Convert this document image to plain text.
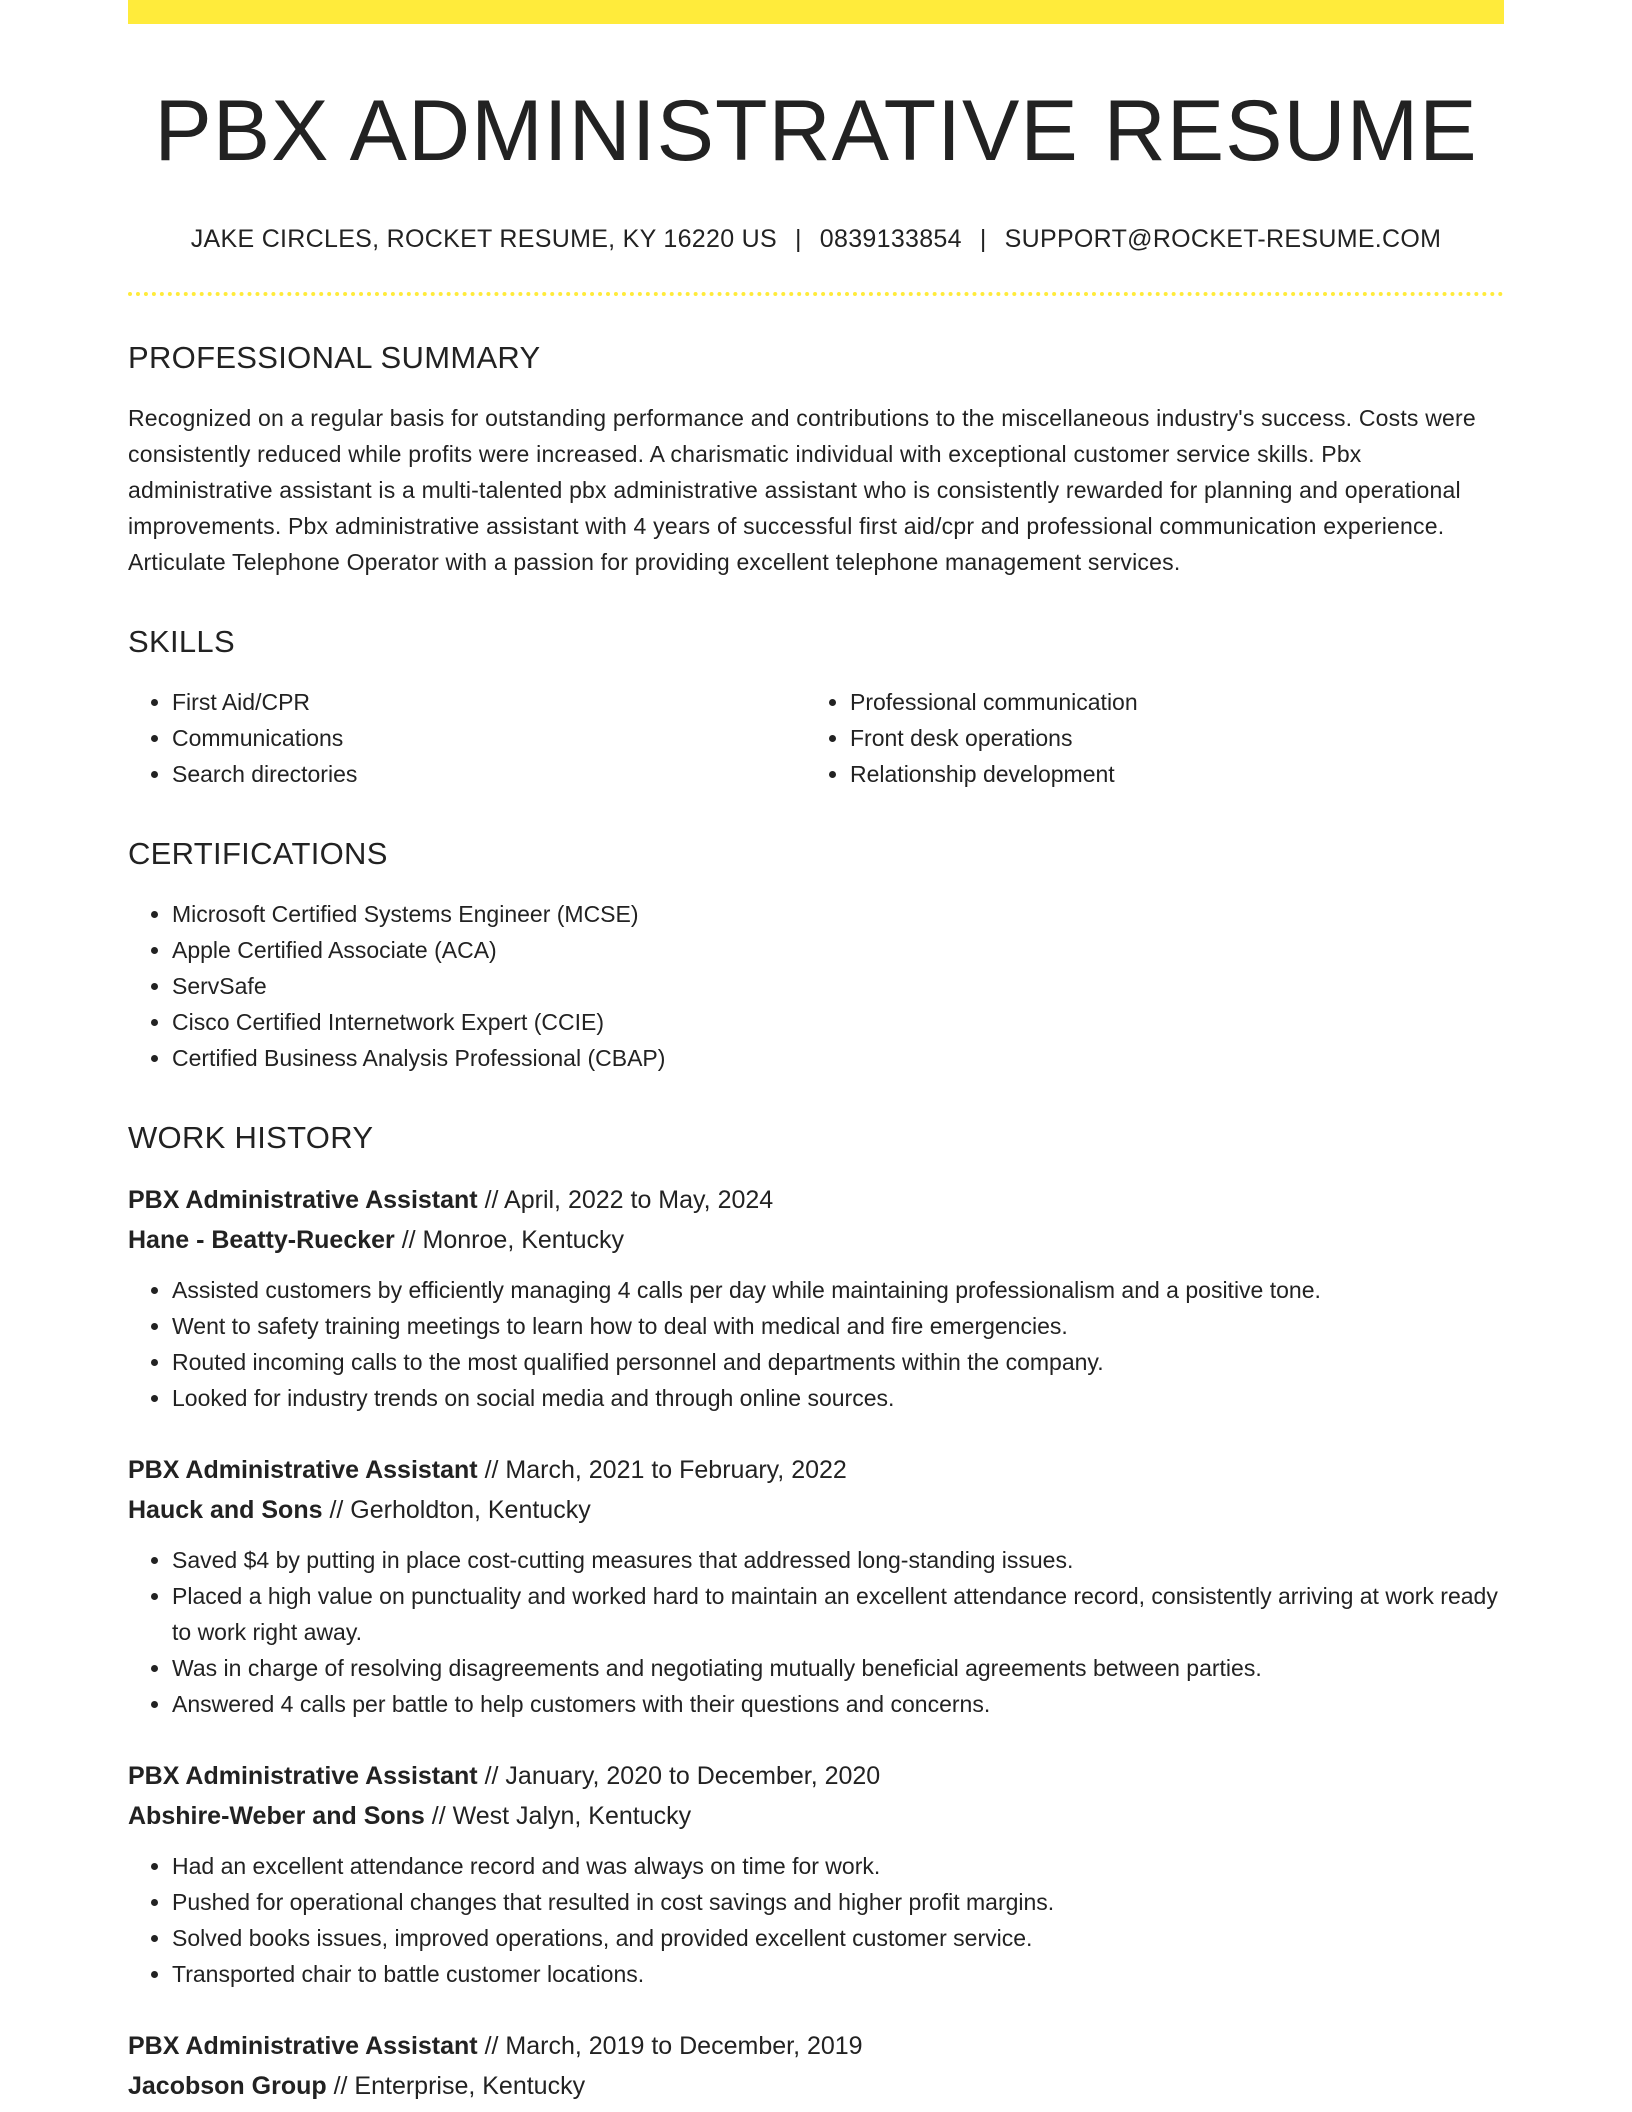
PBX ADMINISTRATIVE RESUME
JAKE CIRCLES, ROCKET RESUME, KY 16220 US | 0839133854 | SUPPORT@ROCKET-RESUME.COM
PROFESSIONAL SUMMARY

Recognized on a regular basis for outstanding performance and contributions to the miscellaneous industry's success. Costs were consistently reduced while profits were increased. A charismatic individual with exceptional customer service skills. Pbx administrative assistant is a multi-talented pbx administrative assistant who is consistently rewarded for planning and operational improvements. Pbx administrative assistant with 4 years of successful first aid/cpr and professional communication experience. Articulate Telephone Operator with a passion for providing excellent telephone management services.

SKILLS
• First Aid/CPR
• Communications
• Search directories
• Professional communication
• Front desk operations
• Relationship development
CERTIFICATIONS
• Microsoft Certified Systems Engineer (MCSE)
• Apple Certified Associate (ACA)
• ServSafe
• Cisco Certified Internetwork Expert (CCIE)
• Certified Business Analysis Professional (CBAP)
WORK HISTORY
PBX Administrative Assistant // April, 2022 to May, 2024
Hane - Beatty-Ruecker // Monroe, Kentucky
• Assisted customers by efficiently managing 4 calls per day while maintaining professionalism and a positive tone.
• Went to safety training meetings to learn how to deal with medical and fire emergencies.
• Routed incoming calls to the most qualified personnel and departments within the company.
• Looked for industry trends on social media and through online sources.
PBX Administrative Assistant // March, 2021 to February, 2022
Hauck and Sons // Gerholdton, Kentucky
• Saved $4 by putting in place cost-cutting measures that addressed long-standing issues.
• Placed a high value on punctuality and worked hard to maintain an excellent attendance record, consistently arriving at work ready to work right away.
• Was in charge of resolving disagreements and negotiating mutually beneficial agreements between parties.
• Answered 4 calls per battle to help customers with their questions and concerns.
PBX Administrative Assistant // January, 2020 to December, 2020
Abshire-Weber and Sons // West Jalyn, Kentucky
• Had an excellent attendance record and was always on time for work.
• Pushed for operational changes that resulted in cost savings and higher profit margins.
• Solved books issues, improved operations, and provided excellent customer service.
• Transported chair to battle customer locations.
PBX Administrative Assistant // March, 2019 to December, 2019
Jacobson Group // Enterprise, Kentucky
